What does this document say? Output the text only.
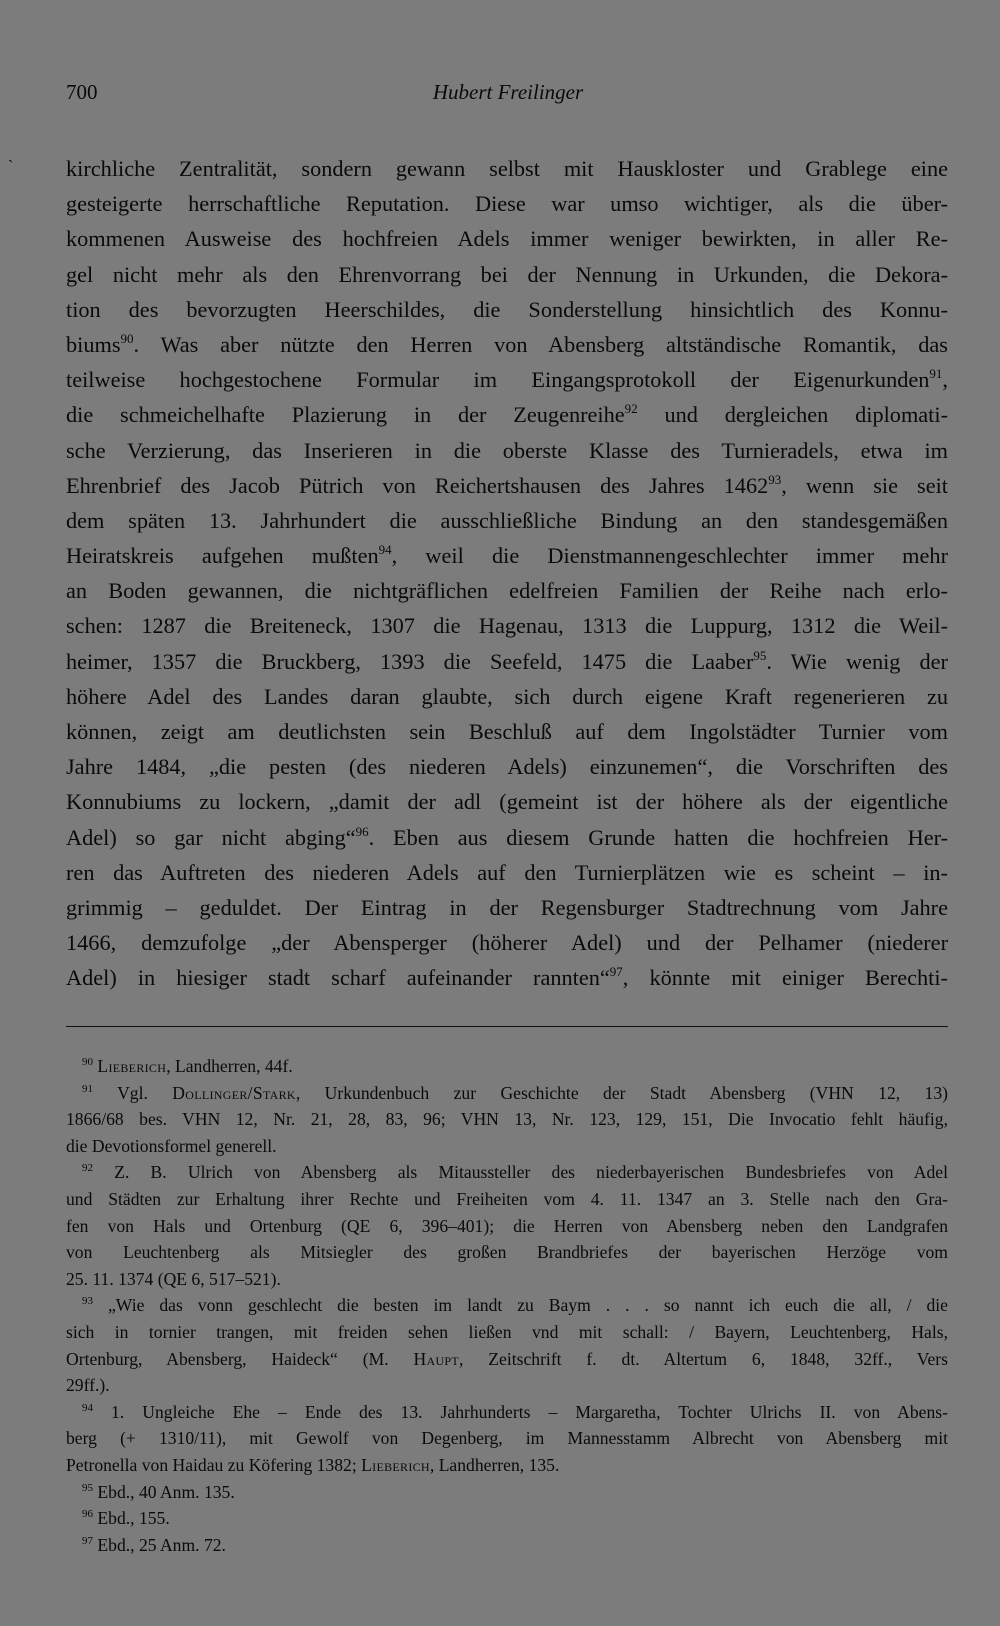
700	Hubert Freilinger
` kirchliche Zentralität, sondern gewann selbst mit Hauskloster und Grablege eine
gesteigerte herrschaftliche Reputation. Diese war umso wichtiger, als die über-
kommenen Ausweise des hochfreien Adels immer weniger bewirkten, in aller Re-
gel nicht mehr als den Ehrenvorrang bei der Nennung in Urkunden, die Dekora-
tion des bevorzugten Heerschildes, die Sonderstellung hinsichtlich des Konnu-
biums$^{90}$. Was aber nützte den Herren von Abensberg altständische Romantik, das
teilweise hochgestochene Formular im Eingangsprotokoll der Eigenurkunden$^{91}$,
die schmeichelhafte Plazierung in der Zeugenreihe$^{92}$ und dergleichen diplomati-
sche Verzierung, das Inserieren in die oberste Klasse des Turnieradels, etwa im
Ehrenbrief des Jacob Pütrich von Reichertshausen des Jahres 1462$^{93}$, wenn sie seit
dem späten 13. Jahrhundert die ausschließliche Bindung an den standesgemäßen
Heiratskreis aufgehen mußten$^{94}$, weil die Dienstmannengeschlechter immer mehr
an Boden gewannen, die nichtgräflichen edelfreien Familien der Reihe nach erlo-
schen: 1287 die Breiteneck, 1307 die Hagenau, 1313 die Luppurg, 1312 die Weil-
heimer, 1357 die Bruckberg, 1393 die Seefeld, 1475 die Laaber$^{95}$. Wie wenig der
höhere Adel des Landes daran glaubte, sich durch eigene Kraft regenerieren zu
können, zeigt am deutlichsten sein Beschluß auf dem Ingolstädter Turnier vom
Jahre 1484, „die pesten (des niederen Adels) einzunemen“, die Vorschriften des
Konnubiums zu lockern, „damit der adl (gemeint ist der höhere als der eigentliche
Adel) so gar nicht abging“$^{96}$. Eben aus diesem Grunde hatten die hochfreien Her-
ren das Auftreten des niederen Adels auf den Turnierplätzen wie es scheint – in-
grimmig – geduldet. Der Eintrag in der Regensburger Stadtrechnung vom Jahre
1466, demzufolge „der Abensperger (höherer Adel) und der Pelhamer (niederer
Adel) in hiesiger stadt scharf aufeinander rannten“$^{97}$, könnte mit einiger Berechti-
$^{90}$ Lieberich, Landherren, 44f.
$^{91}$ Vgl. Dollinger/Stark, Urkundenbuch zur Geschichte der Stadt Abensberg (VHN 12, 13)
1866/68 bes. VHN 12, Nr. 21, 28, 83, 96; VHN 13, Nr. 123, 129, 151, Die Invocatio fehlt häufig,
die Devotionsformel generell.
$^{92}$ Z. B. Ulrich von Abensberg als Mitaussteller des niederbayerischen Bundesbriefes von Adel
und Städten zur Erhaltung ihrer Rechte und Freiheiten vom 4. 11. 1347 an 3. Stelle nach den Gra-
fen von Hals und Ortenburg (QE 6, 396–401); die Herren von Abensberg neben den Landgrafen
von Leuchtenberg als Mitsiegler des großen Brandbriefes der bayerischen Herzöge vom
25. 11. 1374 (QE 6, 517–521).
$^{93}$ „Wie das vonn geschlecht die besten im landt zu Baym . . . so nannt ich euch die all, / die
sich in tornier trangen, mit freiden sehen ließen vnd mit schall: / Bayern, Leuchtenberg, Hals,
Ortenburg, Abensberg, Haideck“ (M. Haupt, Zeitschrift f. dt. Altertum 6, 1848, 32ff., Vers
29ff.).
$^{94}$ 1. Ungleiche Ehe – Ende des 13. Jahrhunderts – Margaretha, Tochter Ulrichs II. von Abens-
berg (+ 1310/11), mit Gewolf von Degenberg, im Mannesstamm Albrecht von Abensberg mit
Petronella von Haidau zu Köfering 1382; Lieberich, Landherren, 135.
$^{95}$ Ebd., 40 Anm. 135.
$^{96}$ Ebd., 155.
$^{97}$ Ebd., 25 Anm. 72.
